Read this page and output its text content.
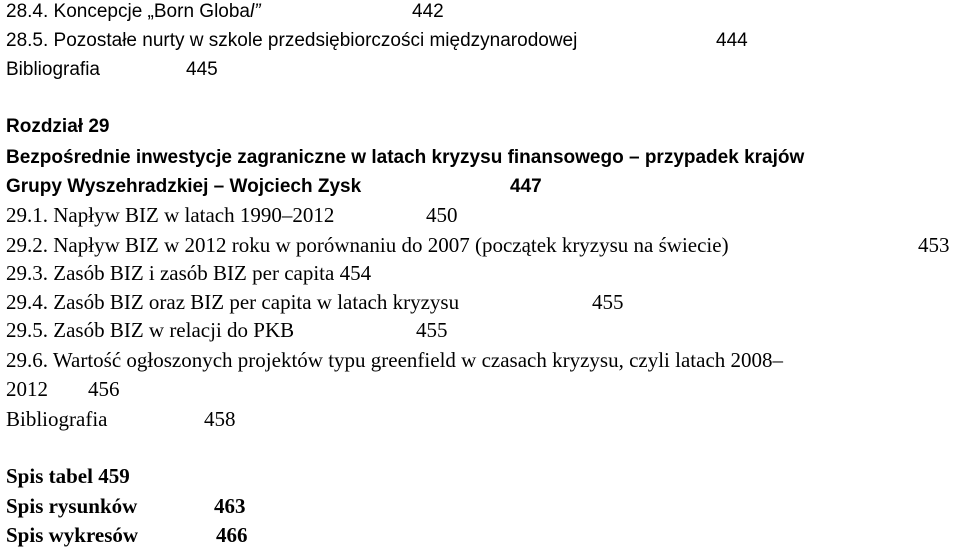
28.4. Koncepcje „Born Global”	442
28.5. Pozostałe nurty w szkole przedsiębiorczości międzynarodowej	444
Bibliografia	445
Rozdział 29
Bezpośrednie inwestycje zagraniczne w latach kryzysu finansowego – przypadek krajów
Grupy Wyszehradzkiej – Wojciech Zysk	447
29.1. Napływ BIZ w latach 1990–2012	450
29.2. Napływ BIZ w 2012 roku w porównaniu do 2007 (początek kryzysu na świecie)	453
29.3. Zasób BIZ i zasób BIZ per capita 454
29.4. Zasób BIZ oraz BIZ per capita w latach kryzysu	455
29.5. Zasób BIZ w relacji do PKB	455
29.6. Wartość ogłoszonych projektów typu greenfield w czasach kryzysu, czyli latach 2008–
2012 456
Bibliografia	458
Spis tabel 459
Spis rysunków	463
Spis wykresów	466
